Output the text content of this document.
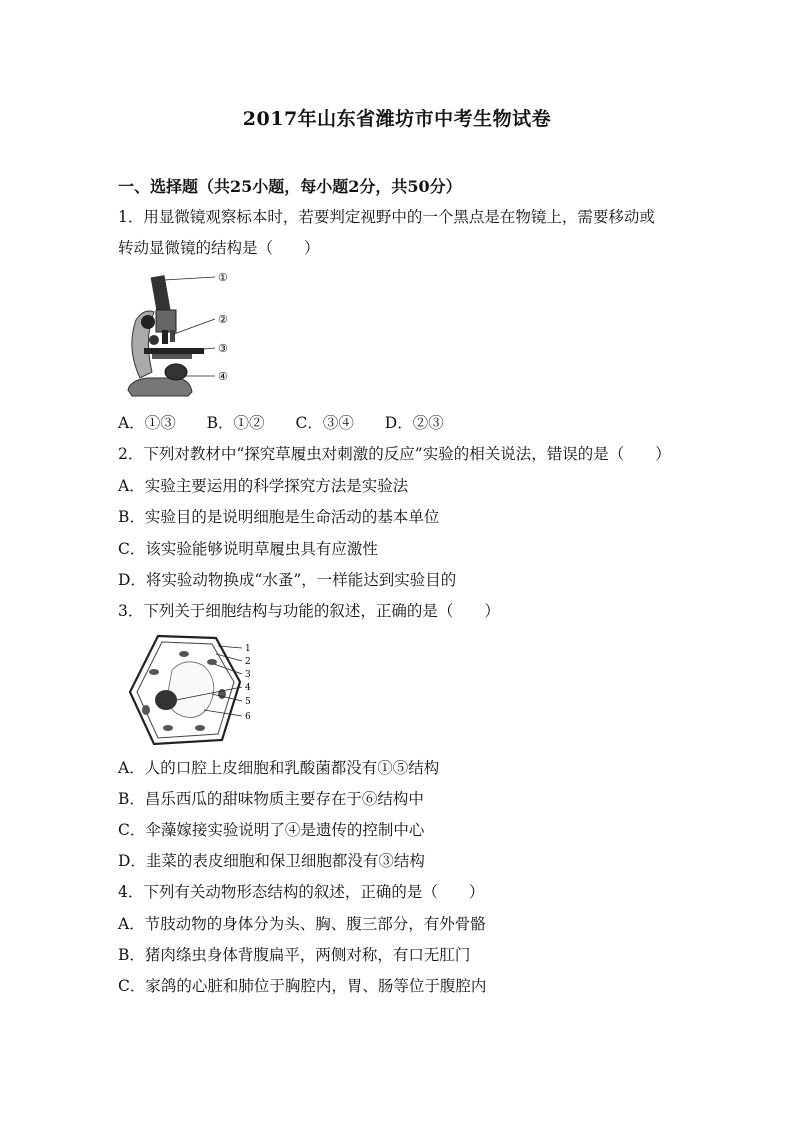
2017年山东省潍坊市中考生物试卷
一、选择题（共25小题，每小题2分，共50分）
1．用显微镜观察标本时，若要判定视野中的一个黑点是在物镜上，需要移动或
转动显微镜的结构是（　　）
①
②
③
④
A．①③ B．①② C．③④ D．②③
2．下列对教材中“探究草履虫对刺激的反应”实验的相关说法，错误的是（　　）
A．实验主要运用的科学探究方法是实验法
B．实验目的是说明细胞是生命活动的基本单位
C．该实验能够说明草履虫具有应激性
D．将实验动物换成“水蚤”，一样能达到实验目的
3．下列关于细胞结构与功能的叙述，正确的是（　　）
1
2
3
4
5
6
A．人的口腔上皮细胞和乳酸菌都没有①⑤结构
B．昌乐西瓜的甜味物质主要存在于⑥结构中
C．伞藻嫁接实验说明了④是遗传的控制中心
D．韭菜的表皮细胞和保卫细胞都没有③结构
4．下列有关动物形态结构的叙述，正确的是（　　）
A．节肢动物的身体分为头、胸、腹三部分，有外骨骼
B．猪肉绦虫身体背腹扁平，两侧对称，有口无肛门
C．家鸽的心脏和肺位于胸腔内，胃、肠等位于腹腔内
